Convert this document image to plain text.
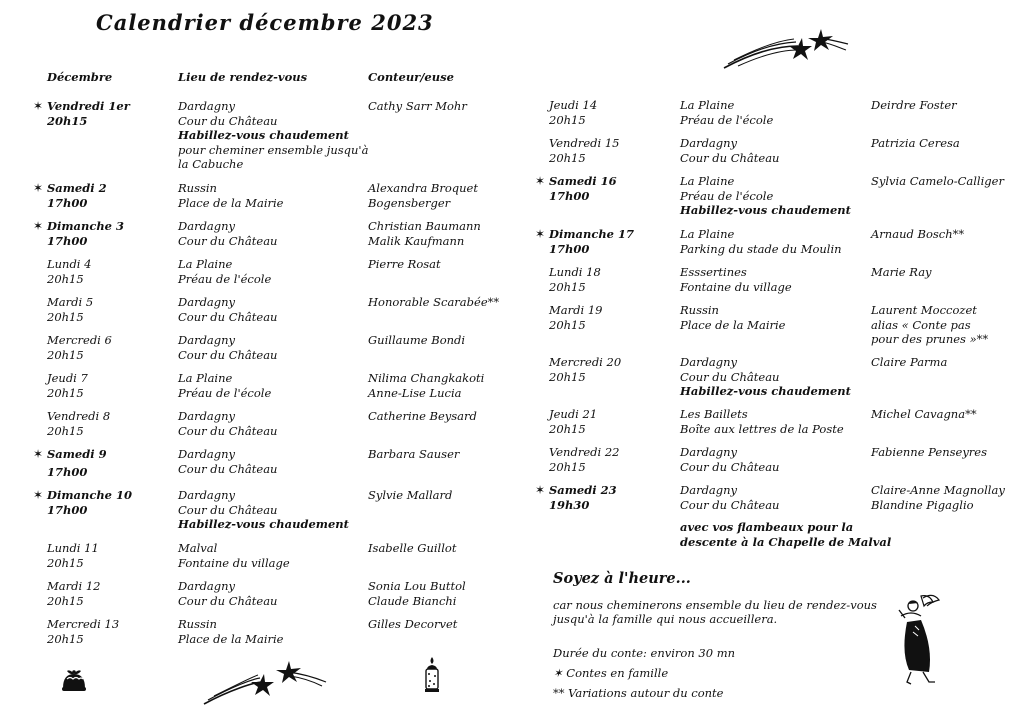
Calendrier décembre 2023
Décembre	Lieu de rendez-vous	Conteur/euse
✶ Vendredi 1er
20h15
Dardagny
Cour du Château
Habillez-vous chaudement
pour cheminer ensemble jusqu'à
la Cabuche
Cathy Sarr Mohr
✶ Samedi 2
17h00
Russin
Place de la Mairie
Alexandra Broquet
Bogensberger
✶ Dimanche 3
17h00
Dardagny
Cour du Château
Christian Baumann
Malik Kaufmann
Lundi 4
20h15
La Plaine
Préau de l'école
Pierre Rosat
Mardi 5
20h15
Dardagny
Cour du Château
Honorable Scarabée**
Mercredi 6
20h15
Dardagny
Cour du Château
Guillaume Bondi
Jeudi 7
20h15
La Plaine
Préau de l'école
Nilima Changkakoti
Anne-Lise Lucia
Vendredi 8
20h15
Dardagny
Cour du Château
Catherine Beysard
✶ Samedi 9
17h00
Dardagny
Cour du Château
Barbara Sauser
✶ Dimanche 10
17h00
Dardagny
Cour du Château
Habillez-vous chaudement
Sylvie Mallard
Lundi 11
20h15
Malval
Fontaine du village
Isabelle Guillot
Mardi 12
20h15
Dardagny
Cour du Château
Sonia Lou Buttol
Claude Bianchi
Mercredi 13
20h15
Russin
Place de la Mairie
Gilles Decorvet
Jeudi 14
20h15
La Plaine
Préau de l'école
Deirdre Foster
Vendredi 15
20h15
Dardagny
Cour du Château
Patrizia Ceresa
✶ Samedi 16
17h00
La Plaine
Préau de l'école
Habillez-vous chaudement
Sylvia Camelo-Calliger
✶ Dimanche 17
17h00
La Plaine
Parking du stade du Moulin
Arnaud Bosch**
Lundi 18
20h15
Esssertines
Fontaine du village
Marie Ray
Mardi 19
20h15
Russin
Place de la Mairie
Laurent Moccozet
alias « Conte pas
pour des prunes »**
Mercredi 20
20h15
Dardagny
Cour du Château
Habillez-vous chaudement
Claire Parma
Jeudi 21
20h15
Les Baillets
Boîte aux lettres de la Poste
Michel Cavagna**
Vendredi 22
20h15
Dardagny
Cour du Château
Fabienne Penseyres
✶ Samedi 23
19h30
Dardagny
Cour du Château
avec vos flambeaux pour la
descente à la Chapelle de Malval
Claire-Anne Magnollay
Blandine Pigaglio
Soyez à l'heure...
car nous cheminerons ensemble du lieu de rendez-vous
jusqu'à la famille qui nous accueillera.
Durée du conte: environ 30 mn
✶ Contes en famille
** Variations autour du conte
